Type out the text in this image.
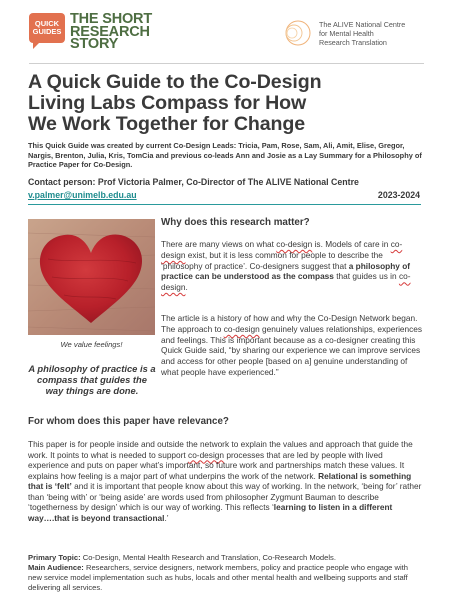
QUICK
GUIDES
THE SHORT
RESEARCH
STORY
The ALIVE National Centre
for Mental Health
Research Translation
A Quick Guide to the Co-Design
Living Labs Compass for How
We Work Together for Change
This Quick Guide was created by current Co-Design Leads: Tricia, Pam, Rose, Sam, Ali, Amit, Elise, Gregor, Nargis, Brenton, Julia, Kris, TomCia and previous co-leads Ann and Josie as a Lay Summary for a Philosophy of Practice Paper for Co-Design.
Contact person: Prof Victoria Palmer, Co-Director of The ALIVE National Centre
v.palmer@unimelb.edu.au	2023-2024
We value feelings!
A philosophy of practice is a compass that guides the way things are done.
Why does this research matter?
There are many views on what co-design is. Models of care in co-design exist, but it is less common for people to describe the ‘philosophy of practice’. Co-designers suggest that a philosophy of practice can be understood as the compass that guides us in co-design.
The article is a history of how and why the Co-Design Network began. The approach to co-design genuinely values relationships, experiences and feelings. This is important because as a co-designer creating this Quick Guide said, “by sharing our experience we can improve services and access for other people [based on a] genuine understanding of what people have experienced.”
For whom does this paper have relevance?
This paper is for people inside and outside the network to explain the values and approach that guide the work. It points to what is needed to support co-design processes that are led by people with lived experience and puts on paper what’s important, so future work and partnerships match these values. It explains how feeling is a major part of what underpins the work of the network. Relational is something that is ‘felt’ and it is important that people know about this way of working. In the network, ‘being for’ rather than ‘being with’ or ‘being aside’ are words used from philosopher Zygmunt Bauman to describe ‘togetherness by design’ which is our way of working. This reflects ‘learning to listen in a different way….that is beyond transactional.’
Primary Topic: Co-Design, Mental Health Research and Translation, Co-Research Models.
Main Audience: Researchers, service designers, network members, policy and practice people who engage with new service model implementation such as hubs, locals and other mental health and wellbeing supports and staff delivering all services.
